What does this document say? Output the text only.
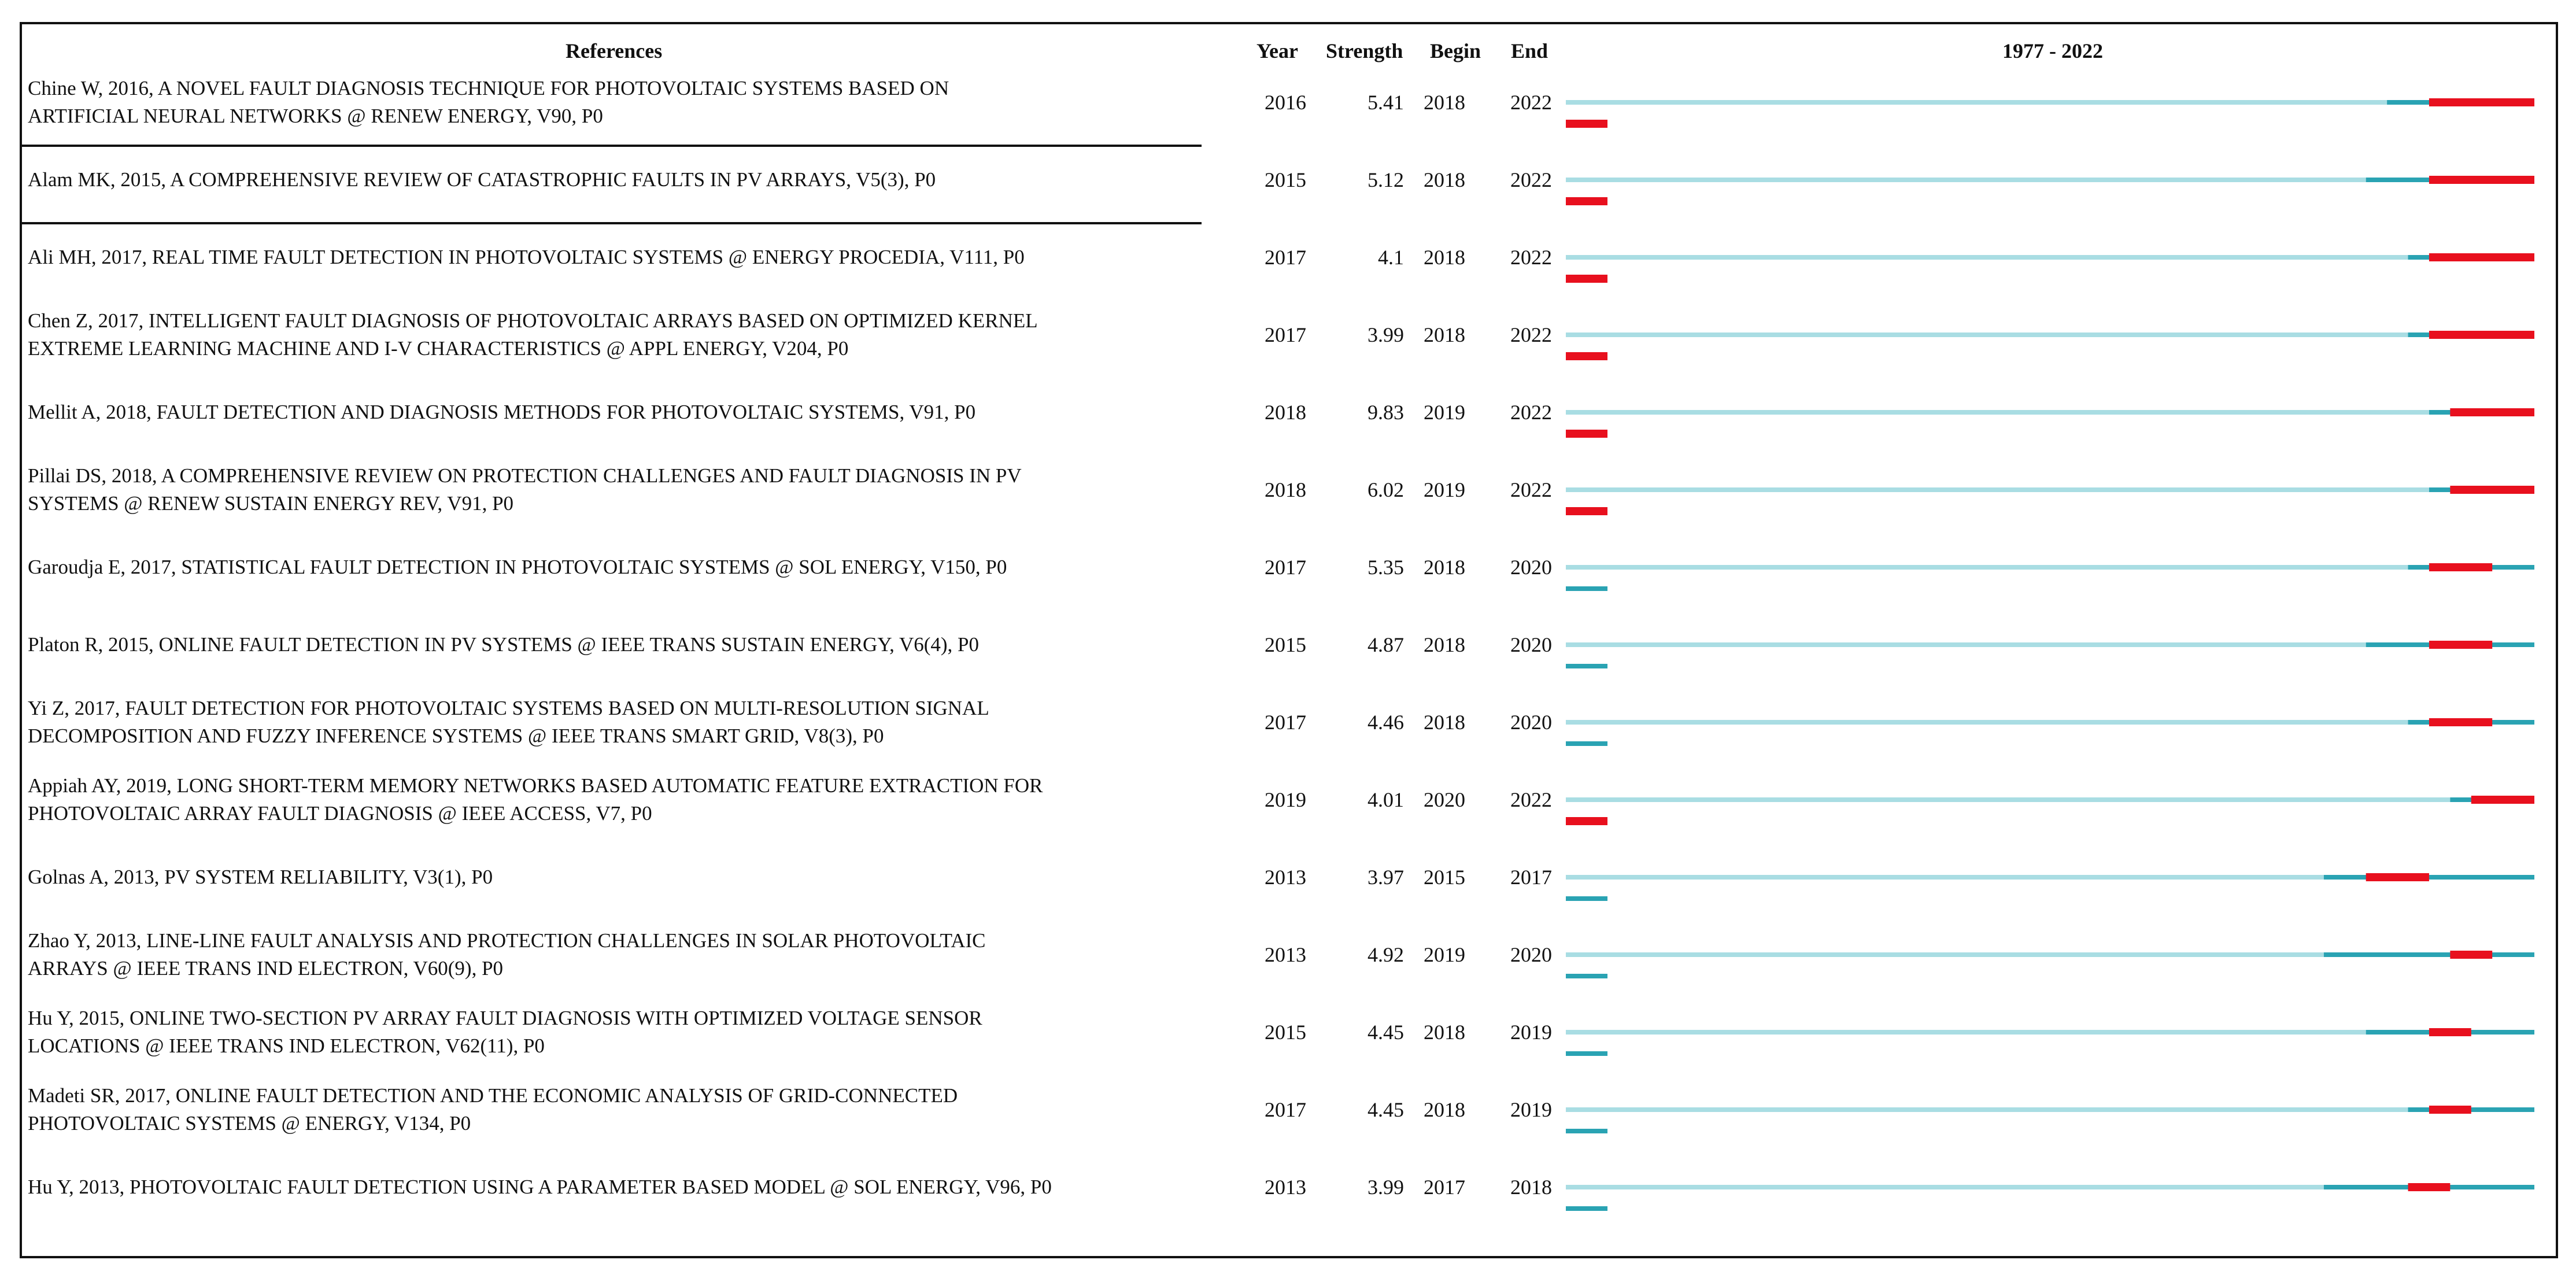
References	Year Strength Begin End	1977 - 2022
Chine W, 2016, A NOVEL FAULT DIAGNOSIS TECHNIQUE FOR PHOTOVOLTAIC SYSTEMS BASED ON
ARTIFICIAL NEURAL NETWORKS @ RENEW ENERGY, V90, P0
2016	5.41 2018	2022
Alam MK, 2015, A COMPREHENSIVE REVIEW OF CATASTROPHIC FAULTS IN PV ARRAYS, V5(3), P0	2015	5.12 2018	2022
Ali MH, 2017, REAL TIME FAULT DETECTION IN PHOTOVOLTAIC SYSTEMS @ ENERGY PROCEDIA, V111, P0	2017	4.1 2018	2022
Chen Z, 2017, INTELLIGENT FAULT DIAGNOSIS OF PHOTOVOLTAIC ARRAYS BASED ON OPTIMIZED KERNEL
EXTREME LEARNING MACHINE AND I-V CHARACTERISTICS @ APPL ENERGY, V204, P0
2017	3.99 2018	2022
Mellit A, 2018, FAULT DETECTION AND DIAGNOSIS METHODS FOR PHOTOVOLTAIC SYSTEMS, V91, P0	2018	9.83 2019	2022
Pillai DS, 2018, A COMPREHENSIVE REVIEW ON PROTECTION CHALLENGES AND FAULT DIAGNOSIS IN PV
SYSTEMS @ RENEW SUSTAIN ENERGY REV, V91, P0
2018	6.02 2019	2022
Garoudja E, 2017, STATISTICAL FAULT DETECTION IN PHOTOVOLTAIC SYSTEMS @ SOL ENERGY, V150, P0	2017	5.35 2018	2020
Platon R, 2015, ONLINE FAULT DETECTION IN PV SYSTEMS @ IEEE TRANS SUSTAIN ENERGY, V6(4), P0	2015	4.87 2018	2020
Yi Z, 2017, FAULT DETECTION FOR PHOTOVOLTAIC SYSTEMS BASED ON MULTI-RESOLUTION SIGNAL
DECOMPOSITION AND FUZZY INFERENCE SYSTEMS @ IEEE TRANS SMART GRID, V8(3), P0
2017	4.46 2018	2020
Appiah AY, 2019, LONG SHORT-TERM MEMORY NETWORKS BASED AUTOMATIC FEATURE EXTRACTION FOR
PHOTOVOLTAIC ARRAY FAULT DIAGNOSIS @ IEEE ACCESS, V7, P0
2019	4.01 2020	2022
Golnas A, 2013, PV SYSTEM RELIABILITY, V3(1), P0	2013	3.97 2015	2017
Zhao Y, 2013, LINE-LINE FAULT ANALYSIS AND PROTECTION CHALLENGES IN SOLAR PHOTOVOLTAIC
ARRAYS @ IEEE TRANS IND ELECTRON, V60(9), P0
2013	4.92 2019	2020
Hu Y, 2015, ONLINE TWO-SECTION PV ARRAY FAULT DIAGNOSIS WITH OPTIMIZED VOLTAGE SENSOR
LOCATIONS @ IEEE TRANS IND ELECTRON, V62(11), P0
2015	4.45 2018	2019
Madeti SR, 2017, ONLINE FAULT DETECTION AND THE ECONOMIC ANALYSIS OF GRID-CONNECTED
PHOTOVOLTAIC SYSTEMS @ ENERGY, V134, P0
2017	4.45 2018	2019
Hu Y, 2013, PHOTOVOLTAIC FAULT DETECTION USING A PARAMETER BASED MODEL @ SOL ENERGY, V96, P0	2013	3.99 2017	2018
